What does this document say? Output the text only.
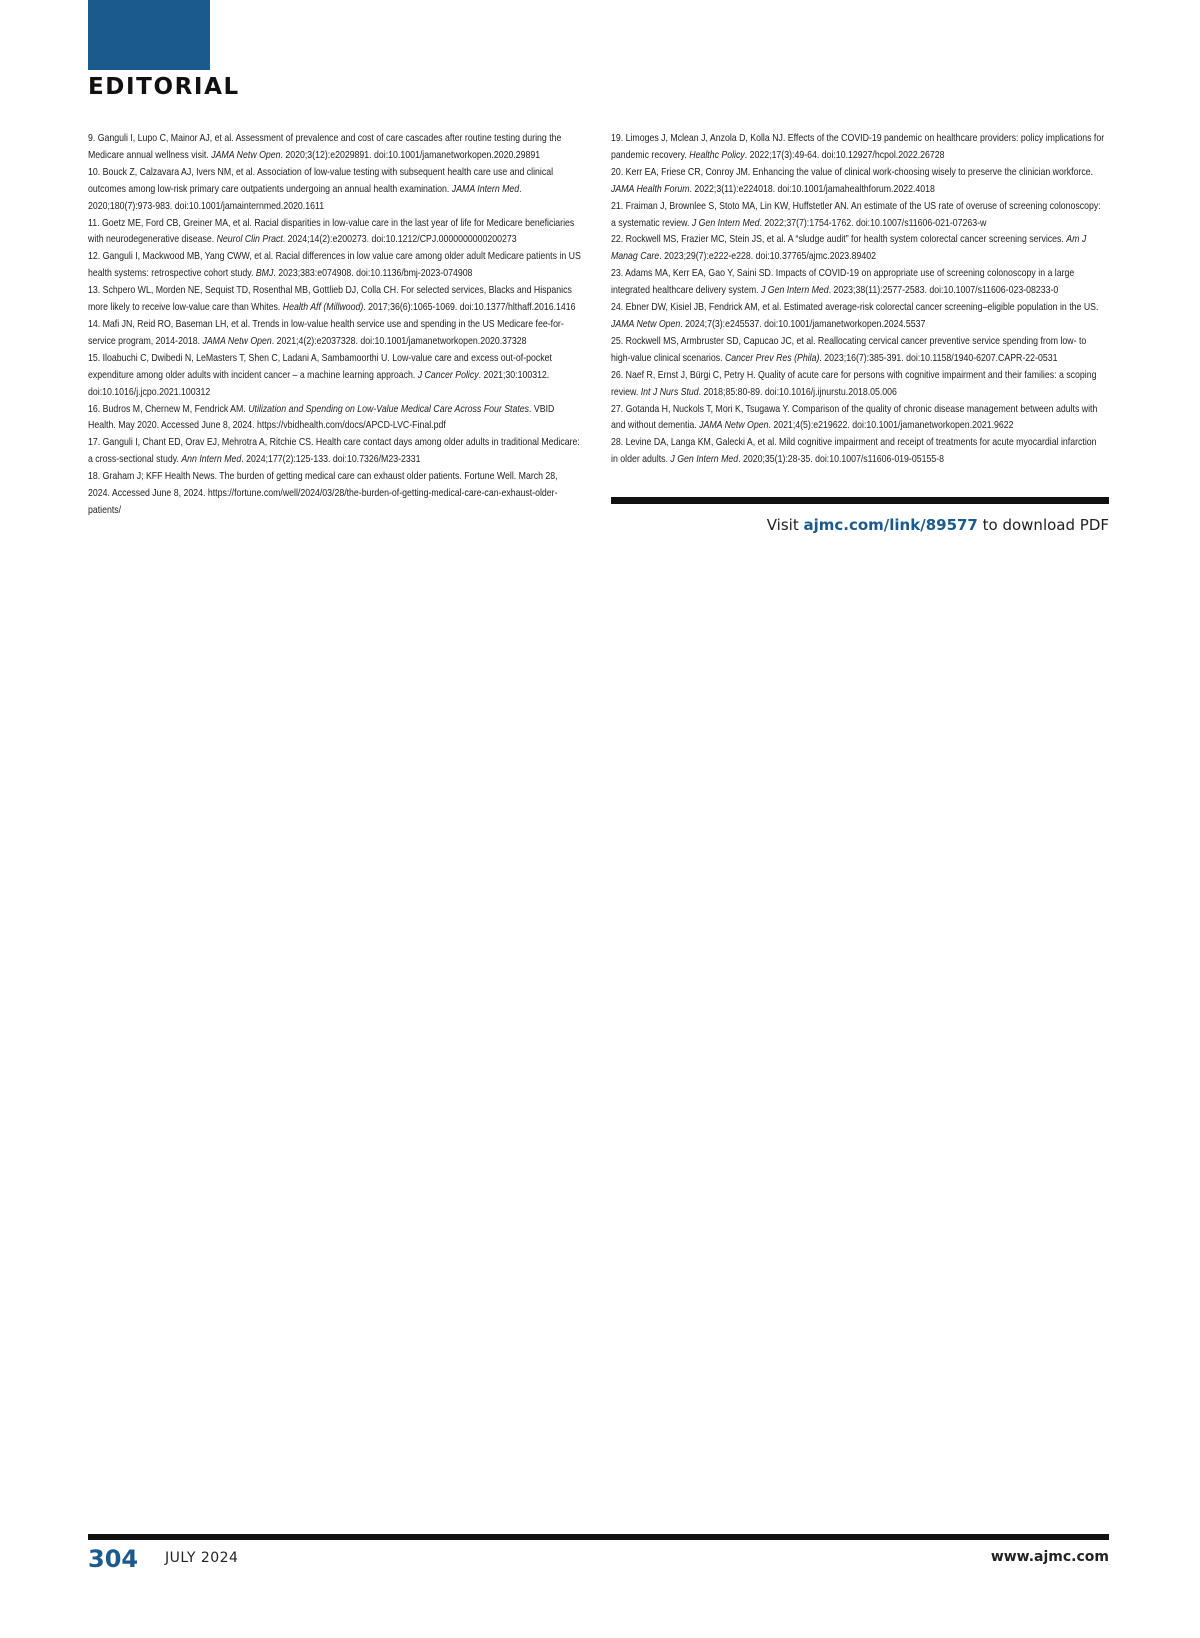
EDITORIAL

9. Ganguli I, Lupo C, Mainor AJ, et al. Assessment of prevalence and cost of care cascades after routine testing during the Medicare annual wellness visit. JAMA Netw Open. 2020;3(12):e2029891. doi:10.1001/jamanetworkopen.2020.29891

10. Bouck Z, Calzavara AJ, Ivers NM, et al. Association of low-value testing with subsequent health care use and clinical outcomes among low-risk primary care outpatients undergoing an annual health examination. JAMA Intern Med. 2020;180(7):973-983. doi:10.1001/jamainternmed.2020.1611

11. Goetz ME, Ford CB, Greiner MA, et al. Racial disparities in low-value care in the last year of life for Medicare beneficiaries with neurodegenerative disease. Neurol Clin Pract. 2024;14(2):e200273. doi:10.1212/CPJ.0000000000200273

12. Ganguli I, Mackwood MB, Yang CWW, et al. Racial differences in low value care among older adult Medicare patients in US health systems: retrospective cohort study. BMJ. 2023;383:e074908. doi:10.1136/bmj-2023-074908

13. Schpero WL, Morden NE, Sequist TD, Rosenthal MB, Gottlieb DJ, Colla CH. For selected services, Blacks and Hispanics more likely to receive low-value care than Whites. Health Aff (Millwood). 2017;36(6):1065-1069. doi:10.1377/hlthaff.2016.1416

14. Mafi JN, Reid RO, Baseman LH, et al. Trends in low-value health service use and spending in the US Medicare fee-for-service program, 2014-2018. JAMA Netw Open. 2021;4(2):e2037328. doi:10.1001/jamanetworkopen.2020.37328

15. Iloabuchi C, Dwibedi N, LeMasters T, Shen C, Ladani A, Sambamoorthi U. Low-value care and excess out-of-pocket expenditure among older adults with incident cancer – a machine learning approach. J Cancer Policy. 2021;30:100312. doi:10.1016/j.jcpo.2021.100312

16. Budros M, Chernew M, Fendrick AM. Utilization and Spending on Low-Value Medical Care Across Four States. VBID Health. May 2020. Accessed June 8, 2024. https://vbidhealth.com/docs/APCD-LVC-Final.pdf

17. Ganguli I, Chant ED, Orav EJ, Mehrotra A, Ritchie CS. Health care contact days among older adults in traditional Medicare: a cross-sectional study. Ann Intern Med. 2024;177(2):125-133. doi:10.7326/M23-2331

18. Graham J; KFF Health News. The burden of getting medical care can exhaust older patients. Fortune Well. March 28, 2024. Accessed June 8, 2024. https://fortune.com/well/2024/03/28/the-burden-of-getting-medical-care-can-exhaust-older-patients/

19. Limoges J, Mclean J, Anzola D, Kolla NJ. Effects of the COVID-19 pandemic on healthcare providers: policy implications for pandemic recovery. Healthc Policy. 2022;17(3):49-64. doi:10.12927/hcpol.2022.26728

20. Kerr EA, Friese CR, Conroy JM. Enhancing the value of clinical work-choosing wisely to preserve the clinician workforce. JAMA Health Forum. 2022;3(11):e224018. doi:10.1001/jamahealthforum.2022.4018

21. Fraiman J, Brownlee S, Stoto MA, Lin KW, Huffstetler AN. An estimate of the US rate of overuse of screening colonoscopy: a systematic review. J Gen Intern Med. 2022;37(7):1754-1762. doi:10.1007/s11606-021-07263-w

22. Rockwell MS, Frazier MC, Stein JS, et al. A “sludge audit” for health system colorectal cancer screening services. Am J Manag Care. 2023;29(7):e222-e228. doi:10.37765/ajmc.2023.89402

23. Adams MA, Kerr EA, Gao Y, Saini SD. Impacts of COVID-19 on appropriate use of screening colonoscopy in a large integrated healthcare delivery system. J Gen Intern Med. 2023;38(11):2577-2583. doi:10.1007/s11606-023-08233-0

24. Ebner DW, Kisiel JB, Fendrick AM, et al. Estimated average-risk colorectal cancer screening–eligible population in the US. JAMA Netw Open. 2024;7(3):e245537. doi:10.1001/jamanetworkopen.2024.5537

25. Rockwell MS, Armbruster SD, Capucao JC, et al. Reallocating cervical cancer preventive service spending from low- to high-value clinical scenarios. Cancer Prev Res (Phila). 2023;16(7):385-391. doi:10.1158/1940-6207.CAPR-22-0531

26. Naef R, Ernst J, Bürgi C, Petry H. Quality of acute care for persons with cognitive impairment and their families: a scoping review. Int J Nurs Stud. 2018;85:80-89. doi:10.1016/j.ijnurstu.2018.05.006

27. Gotanda H, Nuckols T, Mori K, Tsugawa Y. Comparison of the quality of chronic disease management between adults with and without dementia. JAMA Netw Open. 2021;4(5):e219622. doi:10.1001/jamanetworkopen.2021.9622

28. Levine DA, Langa KM, Galecki A, et al. Mild cognitive impairment and receipt of treatments for acute myocardial infarction in older adults. J Gen Intern Med. 2020;35(1):28-35. doi:10.1007/s11606-019-05155-8

Visit ajmc.com/link/89577 to download PDF
304 JULY 2024	www.ajmc.com
